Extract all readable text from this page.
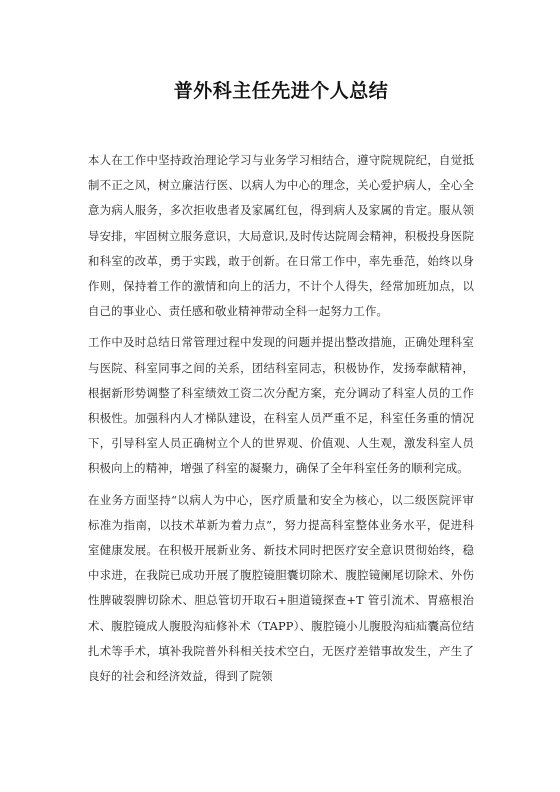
普外科主任先进个人总结

本人在工作中坚持政治理论学习与业务学习相结合，遵守院规院纪，自觉抵制不正之风，树立廉洁行医、以病人为中心的理念，关心爱护病人，全心全意为病人服务，多次拒收患者及家属红包，得到病人及家属的肯定。服从领导安排，牢固树立服务意识，大局意识,及时传达院周会精神，积极投身医院和科室的改革，勇于实践，敢于创新。在日常工作中，率先垂范，始终以身作则，保持着工作的激情和向上的活力，不计个人得失，经常加班加点，以自己的事业心、责任感和敬业精神带动全科一起努力工作。

工作中及时总结日常管理过程中发现的问题并提出整改措施，正确处理科室与医院、科室同事之间的关系，团结科室同志，积极协作，发扬奉献精神，根据新形势调整了科室绩效工资二次分配方案，充分调动了科室人员的工作积极性。加强科内人才梯队建设，在科室人员严重不足，科室任务重的情况下，引导科室人员正确树立个人的世界观、价值观、人生观，激发科室人员积极向上的精神，增强了科室的凝聚力，确保了全年科室任务的顺利完成。

在业务方面坚持“以病人为中心，医疗质量和安全为核心，以二级医院评审标准为指南，以技术革新为着力点”，努力提高科室整体业务水平，促进科室健康发展。在积极开展新业务、新技术同时把医疗安全意识贯彻始终，稳中求进，在我院已成功开展了腹腔镜胆囊切除术、腹腔镜阑尾切除术、外伤性脾破裂脾切除术、胆总管切开取石+胆道镜探查+T 管引流术、胃癌根治术、腹腔镜成人腹股沟疝修补术（TAPP）、腹腔镜小儿腹股沟疝疝囊高位结扎术等手术，填补我院普外科相关技术空白，无医疗差错事故发生，产生了良好的社会和经济效益，得到了院领
